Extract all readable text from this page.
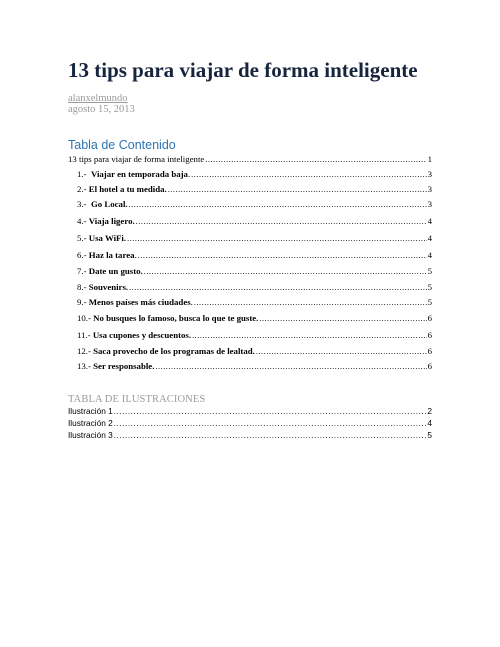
13 tips para viajar de forma inteligente
alanxelmundo
agosto 15, 2013
Tabla de Contenido
13 tips para viajar de forma inteligente .....	1
1.- Viajar en temporada baja. .....	3
2.- El hotel a tu medida. .....	3
3.- Go Local. .....	3
4.- Viaja ligero. .....	4
5.- Usa WiFi. .....	4
6.- Haz la tarea. .....	4
7.- Date un gusto. .....	5
8.- Souvenirs. .....	5
9.- Menos países más ciudades. .....	5
10.- No busques lo famoso, busca lo que te guste. .....	6
11.- Usa cupones y descuentos. .....	6
12.- Saca provecho de los programas de lealtad. .....	6
13.- Ser responsable. .....	6
TABLA DE ILUSTRACIONES
Ilustración 1 .....	2
Ilustración 2 .....	4
Ilustración 3 .....	5
